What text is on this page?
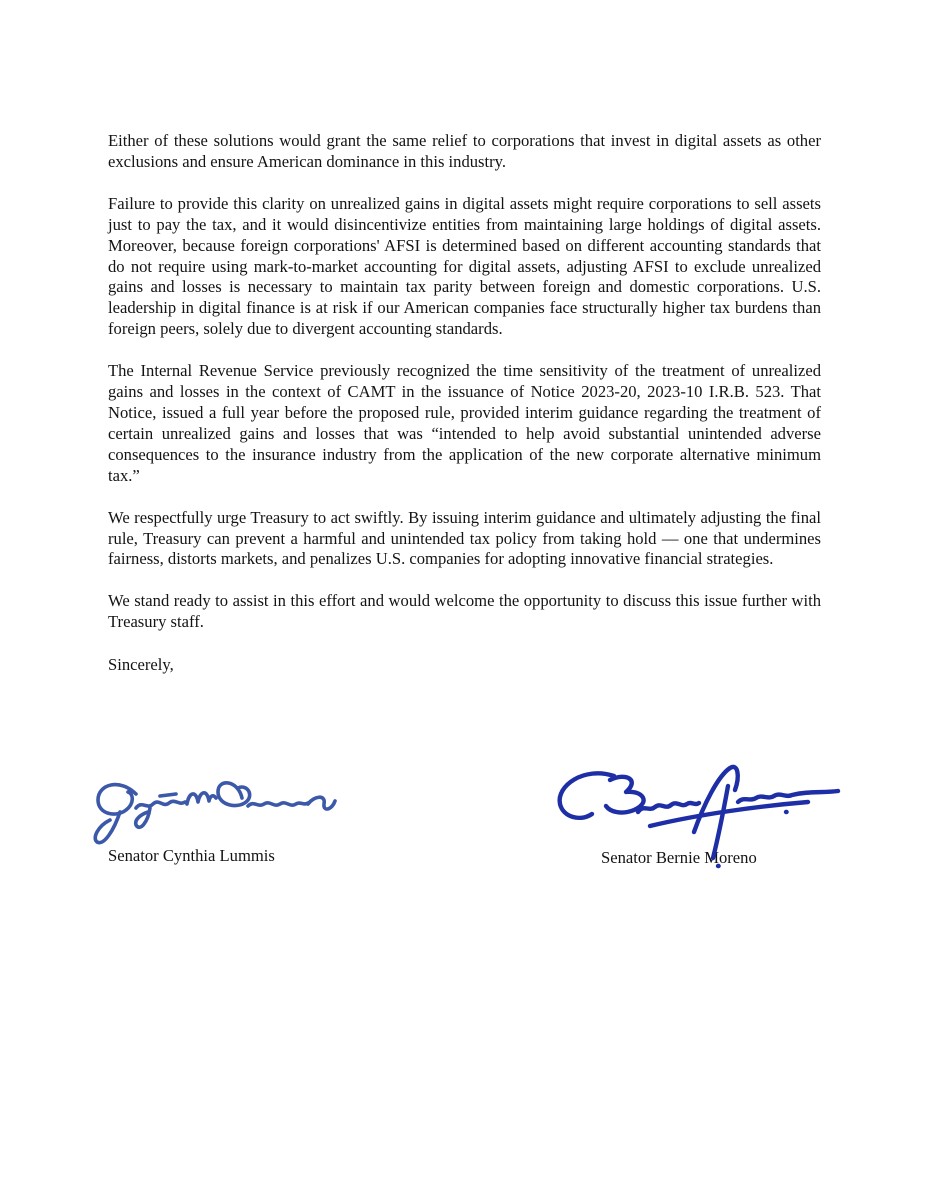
Either of these solutions would grant the same relief to corporations that invest in digital assets as other exclusions and ensure American dominance in this industry.

Failure to provide this clarity on unrealized gains in digital assets might require corporations to sell assets just to pay the tax, and it would disincentivize entities from maintaining large holdings of digital assets. Moreover, because foreign corporations' AFSI is determined based on different accounting standards that do not require using mark-to-market accounting for digital assets, adjusting AFSI to exclude unrealized gains and losses is necessary to maintain tax parity between foreign and domestic corporations. U.S. leadership in digital finance is at risk if our American companies face structurally higher tax burdens than foreign peers, solely due to divergent accounting standards.

The Internal Revenue Service previously recognized the time sensitivity of the treatment of unrealized gains and losses in the context of CAMT in the issuance of Notice 2023-20, 2023-10 I.R.B. 523. That Notice, issued a full year before the proposed rule, provided interim guidance regarding the treatment of certain unrealized gains and losses that was “intended to help avoid substantial unintended adverse consequences to the insurance industry from the application of the new corporate alternative minimum tax.”

We respectfully urge Treasury to act swiftly. By issuing interim guidance and ultimately adjusting the final rule, Treasury can prevent a harmful and unintended tax policy from taking hold — one that undermines fairness, distorts markets, and penalizes U.S. companies for adopting innovative financial strategies.

We stand ready to assist in this effort and would welcome the opportunity to discuss this issue further with Treasury staff.

Sincerely,

Senator Cynthia Lummis	Senator Bernie Moreno
